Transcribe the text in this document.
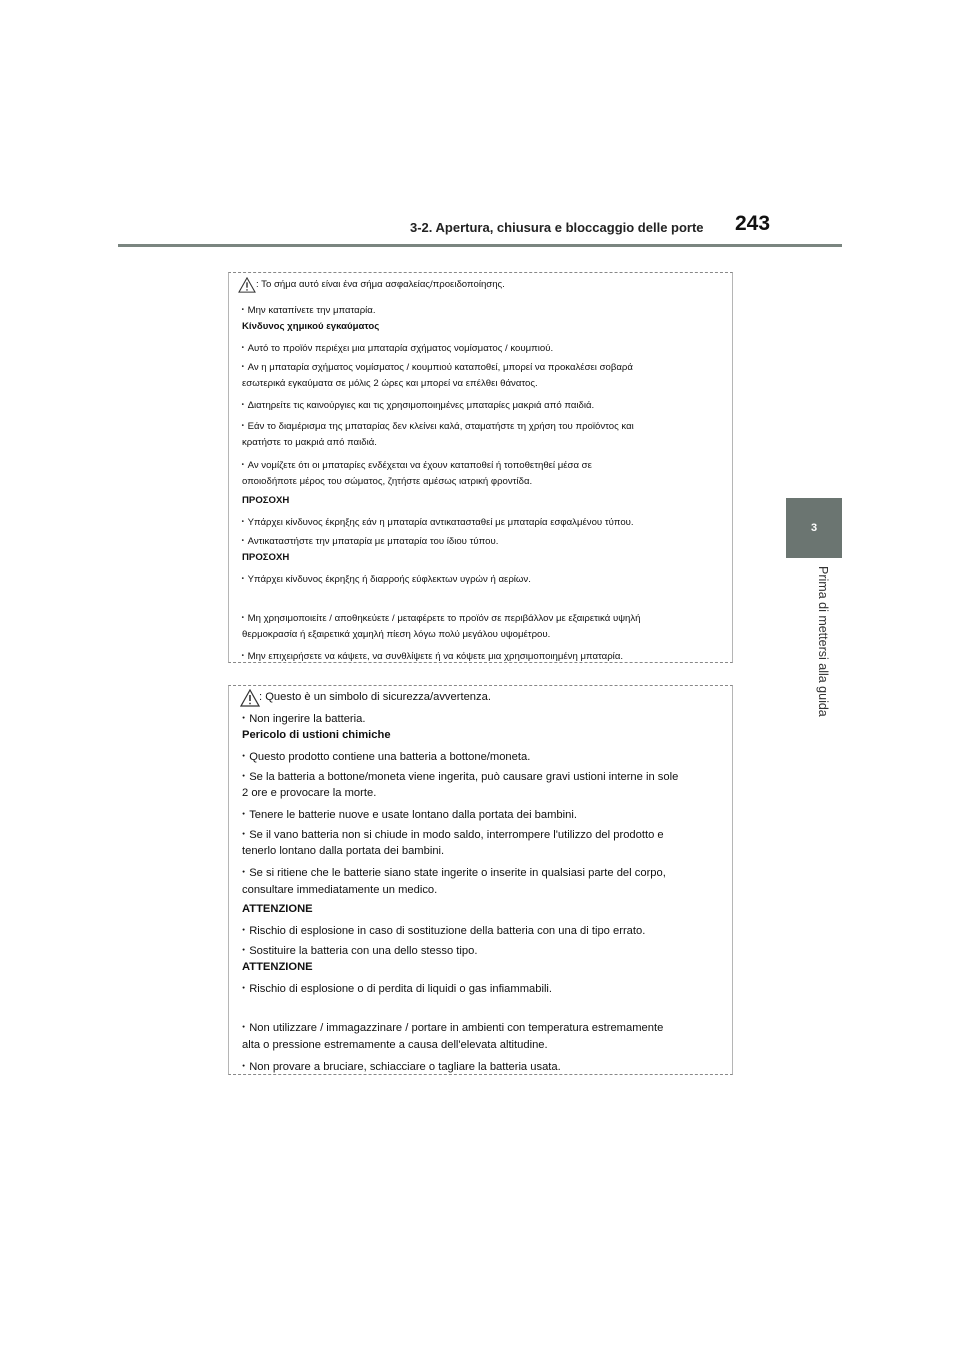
3-2. Apertura, chiusura e bloccaggio delle porte 243
3
Prima di mettersi alla guida
: Το σήμα αυτό είναι ένα σήμα ασφαλείας/προειδοποίησης.
・Μην καταπίνετε την μπαταρία.
Κίνδυνος χημικού εγκαύματος
・Αυτό το προϊόν περιέχει μια μπαταρία σχήματος νομίσματος / κουμπιού.
・Αν η μπαταρία σχήματος νομίσματος / κουμπιού καταποθεί, μπορεί να προκαλέσει σοβαρά
εσωτερικά εγκαύματα σε μόλις 2 ώρες και μπορεί να επέλθει θάνατος.
・Διατηρείτε τις καινούργιες και τις χρησιμοποιημένες μπαταρίες μακριά από παιδιά.
・Εάν το διαμέρισμα της μπαταρίας δεν κλείνει καλά, σταματήστε τη χρήση του προϊόντος και
κρατήστε το μακριά από παιδιά.
・Αν νομίζετε ότι οι μπαταρίες ενδέχεται να έχουν καταποθεί ή τοποθετηθεί μέσα σε
οποιοδήποτε μέρος του σώματος, ζητήστε αμέσως ιατρική φροντίδα.
ΠΡΟΣΟΧΗ
・Υπάρχει κίνδυνος έκρηξης εάν η μπαταρία αντικατασταθεί με μπαταρία εσφαλμένου τύπου.
・Αντικαταστήστε την μπαταρία με μπαταρία του ίδιου τύπου.
ΠΡΟΣΟΧΗ
・Υπάρχει κίνδυνος έκρηξης ή διαρροής εύφλεκτων υγρών ή αερίων.
・Μη χρησιμοποιείτε / αποθηκεύετε / μεταφέρετε το προϊόν σε περιβάλλον με εξαιρετικά υψηλή
θερμοκρασία ή εξαιρετικά χαμηλή πίεση λόγω πολύ μεγάλου υψομέτρου.
・Μην επιχειρήσετε να κάψετε, να συνθλίψετε ή να κόψετε μια χρησιμοποιημένη μπαταρία.
: Questo è un simbolo di sicurezza/avvertenza.
・Non ingerire la batteria.
Pericolo di ustioni chimiche
・Questo prodotto contiene una batteria a bottone/moneta.
・Se la batteria a bottone/moneta viene ingerita, può causare gravi ustioni interne in sole
2 ore e provocare la morte.
・Tenere le batterie nuove e usate lontano dalla portata dei bambini.
・Se il vano batteria non si chiude in modo saldo, interrompere l'utilizzo del prodotto e
tenerlo lontano dalla portata dei bambini.
・Se si ritiene che le batterie siano state ingerite o inserite in qualsiasi parte del corpo,
consultare immediatamente un medico.
ATTENZIONE
・Rischio di esplosione in caso di sostituzione della batteria con una di tipo errato.
・Sostituire la batteria con una dello stesso tipo.
ATTENZIONE
・Rischio di esplosione o di perdita di liquidi o gas infiammabili.
・Non utilizzare / immagazzinare / portare in ambienti con temperatura estremamente
alta o pressione estremamente a causa dell'elevata altitudine.
・Non provare a bruciare, schiacciare o tagliare la batteria usata.
